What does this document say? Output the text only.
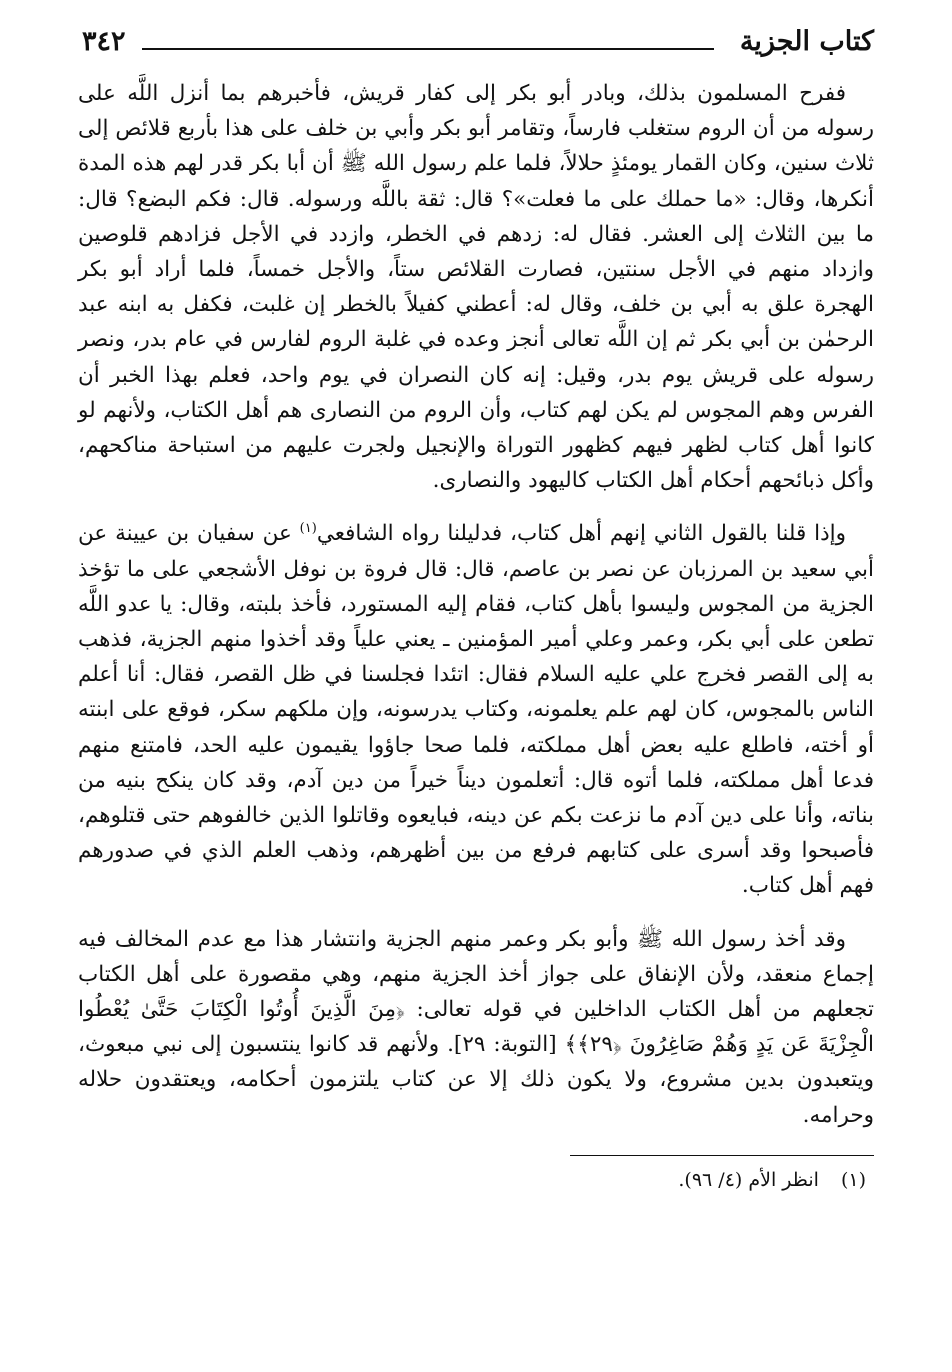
كتاب الجزية
٣٤٢

ففرح المسلمون بذلك، وبادر أبو بكر إلى كفار قريش، فأخبرهم بما أنزل اللَّه على رسوله من أن الروم ستغلب فارساً، وتقامر أبو بكر وأبي بن خلف على هذا بأربع قلائص إلى ثلاث سنين، وكان القمار يومئذٍ حلالاً، فلما علم رسول الله ﷺ أن أبا بكر قدر لهم هذه المدة أنكرها، وقال: «ما حملك على ما فعلت»؟ قال: ثقة باللَّه ورسوله. قال: فكم البضع؟ قال: ما بين الثلاث إلى العشر. فقال له: زدهم في الخطر، وازدد في الأجل فزادهم قلوصين وازداد منهم في الأجل سنتين، فصارت القلائص ستاً، والأجل خمساً، فلما أراد أبو بكر الهجرة علق به أبي بن خلف، وقال له: أعطني كفيلاً بالخطر إن غلبت، فكفل به ابنه عبد الرحمٰن بن أبي بكر ثم إن اللَّه تعالى أنجز وعده في غلبة الروم لفارس في عام بدر، ونصر رسوله على قريش يوم بدر، وقيل: إنه كان النصران في يوم واحد، فعلم بهذا الخبر أن الفرس وهم المجوس لم يكن لهم كتاب، وأن الروم من النصارى هم أهل الكتاب، ولأنهم لو كانوا أهل كتاب لظهر فيهم كظهور التوراة والإنجيل ولجرت عليهم من استباحة مناكحهم، وأكل ذبائحهم أحكام أهل الكتاب كاليهود والنصارى.

وإذا قلنا بالقول الثاني إنهم أهل كتاب، فدليلنا رواه الشافعي$^{(١)}$ عن سفيان بن عيينة عن أبي سعيد بن المرزبان عن نصر بن عاصم، قال: قال فروة بن نوفل الأشجعي على ما تؤخذ الجزية من المجوس وليسوا بأهل كتاب، فقام إليه المستورد، فأخذ بلبته، وقال: يا عدو اللَّه تطعن على أبي بكر، وعمر وعلي أمير المؤمنين ـ يعني علياً وقد أخذوا منهم الجزية، فذهب به إلى القصر فخرج علي عليه السلام فقال: اتئدا فجلسنا في ظل القصر، فقال: أنا أعلم الناس بالمجوس، كان لهم علم يعلمونه، وكتاب يدرسونه، وإن ملكهم سكر، فوقع على ابنته أو أخته، فاطلع عليه بعض أهل مملكته، فلما صحا جاؤوا يقيمون عليه الحد، فامتنع منهم فدعا أهل مملكته، فلما أتوه قال: أتعلمون ديناً خيراً من دين آدم، وقد كان ينكح بنيه من بناته، وأنا على دين آدم ما نزعت بكم عن دينه، فبايعوه وقاتلوا الذين خالفوهم حتى قتلوهم، فأصبحوا وقد أسرى على كتابهم فرفع من بين أظهرهم، وذهب العلم الذي في صدورهم فهم أهل كتاب.

وقد أخذ رسول الله ﷺ وأبو بكر وعمر منهم الجزية وانتشار هذا مع عدم المخالف فيه إجماع منعقد، ولأن الإنفاق على جواز أخذ الجزية منهم، وهي مقصورة على أهل الكتاب تجعلهم من أهل الكتاب الداخلين في قوله تعالى: ﴿مِنَ الَّذِينَ أُوتُوا الْكِتَابَ حَتَّىٰ يُعْطُوا الْجِزْيَةَ عَن يَدٍ وَهُمْ صَاغِرُونَ ﴿٢٩﴾﴾ [التوبة: ٢٩]. ولأنهم قد كانوا ينتسبون إلى نبي مبعوث، ويتعبدون بدين مشروع، ولا يكون ذلك إلا عن كتاب يلتزمون أحكامه، ويعتقدون حلاله وحرامه.

(١)انظر الأم (٤/ ٩٦).
